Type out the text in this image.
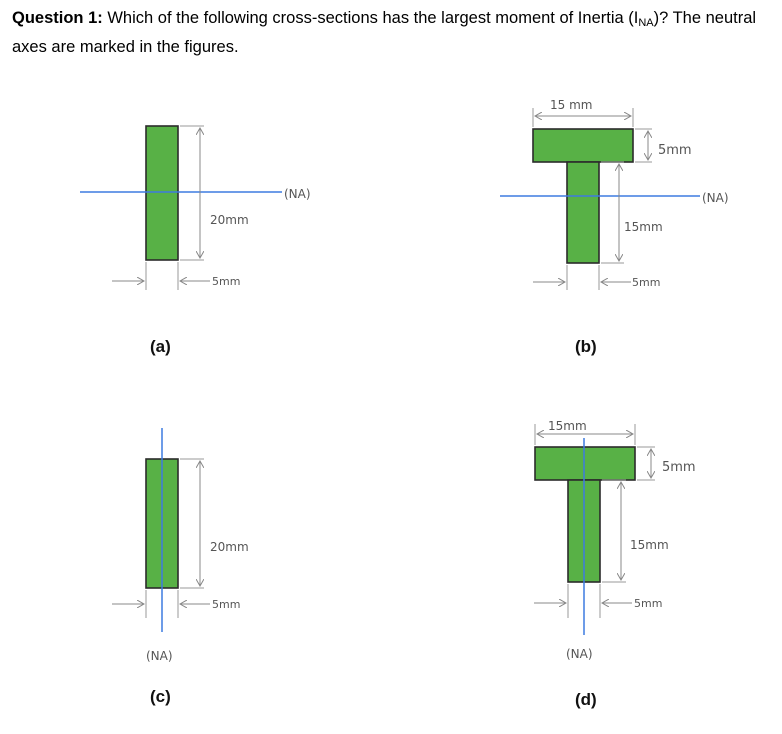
Question 1: Which of the following cross-sections has the largest moment of Inertia $(I_{NA})$? The neutral axes are marked in the figures.

(NA)
20mm
5mm
(a)
(NA)
15 mm
5mm
15mm
5mm
(b)
(NA)
20mm
5mm
(c)
(NA)
15mm
5mm
15mm
5mm
(d)
